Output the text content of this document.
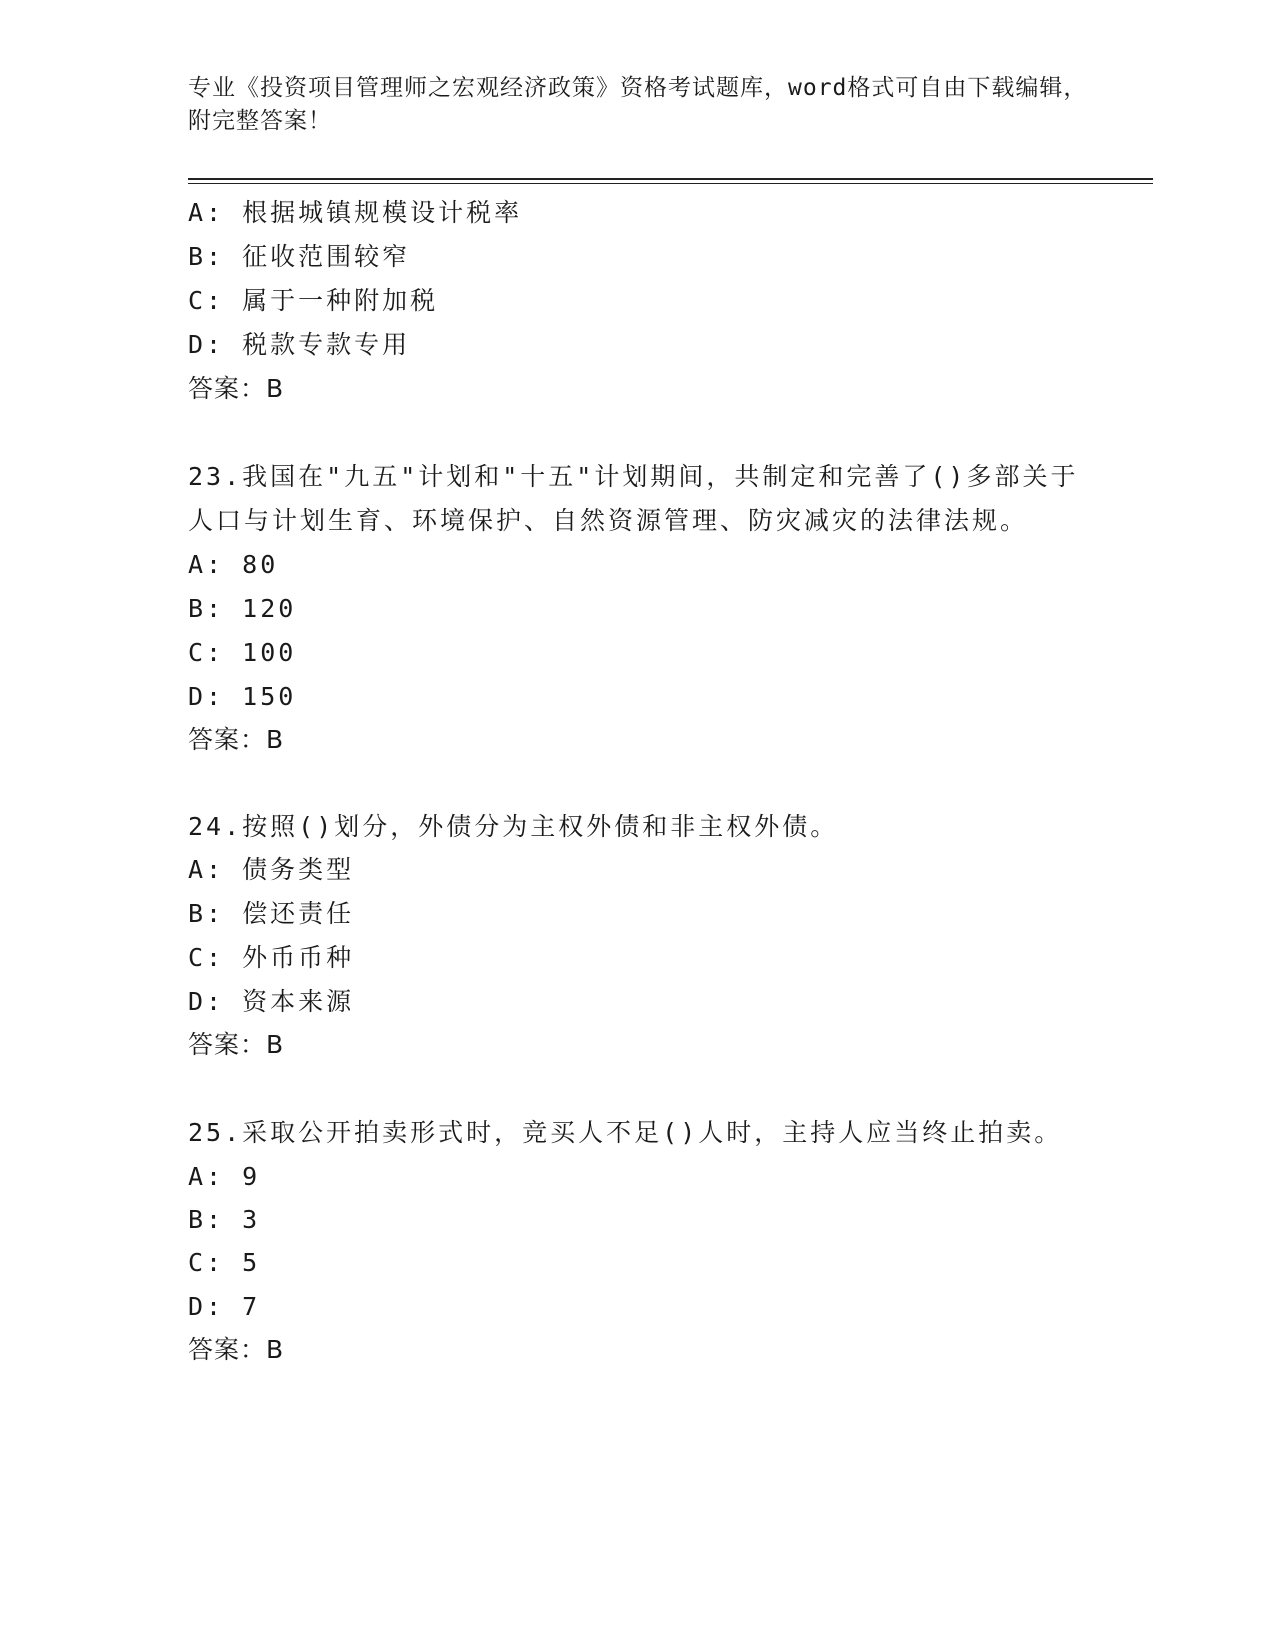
专业《投资项目管理师之宏观经济政策》资格考试题库，word格式可自由下载编辑，附完整答案！
A: 根据城镇规模设计税率
B: 征收范围较窄
C: 属于一种附加税
D: 税款专款专用
答案：B
23.我国在"九五"计划和"十五"计划期间，共制定和完善了()多部关于
人口与计划生育、环境保护、自然资源管理、防灾减灾的法律法规。
A: 80
B: 120
C: 100
D: 150
答案：B
24.按照()划分，外债分为主权外债和非主权外债。
A: 债务类型
B: 偿还责任
C: 外币币种
D: 资本来源
答案：B
25.采取公开拍卖形式时，竞买人不足()人时，主持人应当终止拍卖。
A: 9
B: 3
C: 5
D: 7
答案：B
